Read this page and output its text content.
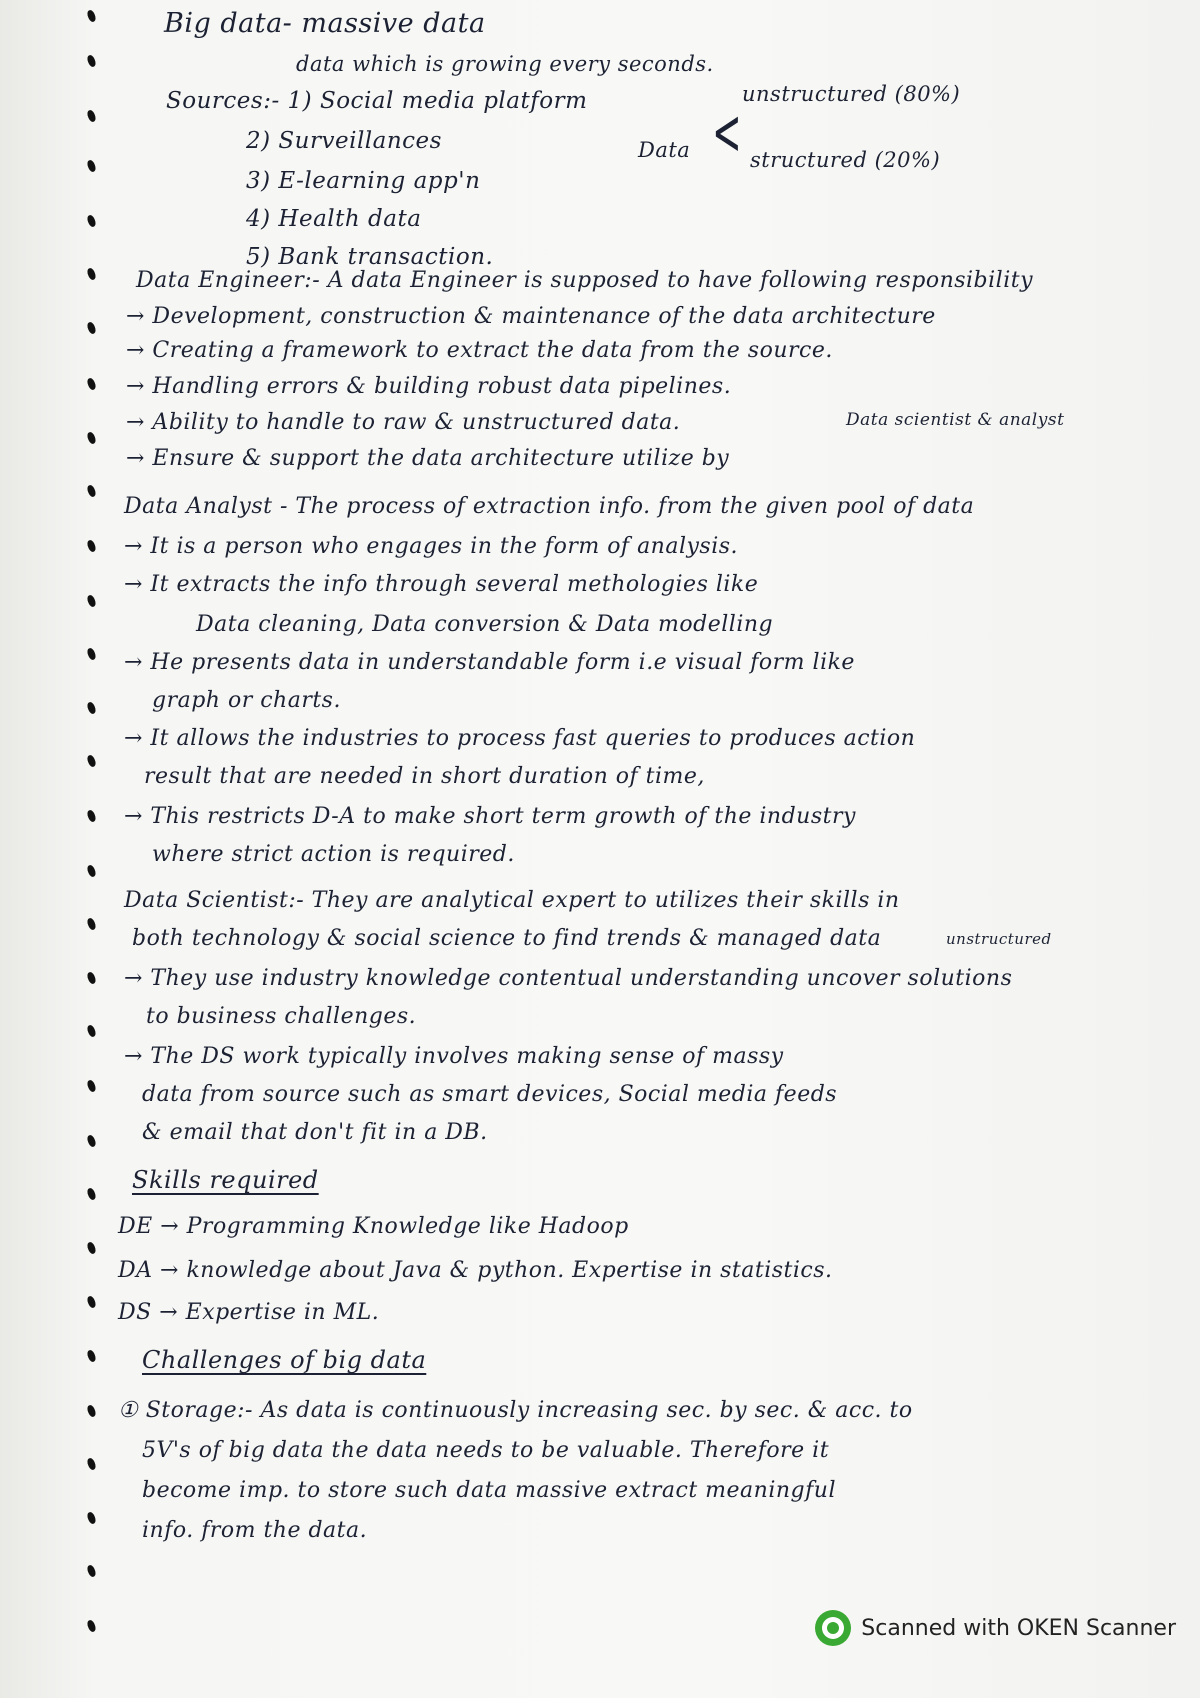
Big data- massive data
data which is growing every seconds.
Sources:- 1) Social media platform
2) Surveillances
3) E-learning app'n
4) Health data
5) Bank transaction.
Data <
unstructured (80%)
structured (20%)
Data Engineer:- A data Engineer is supposed to have following responsibility
→ Development, construction & maintenance of the data architecture
→ Creating a framework to extract the data from the source.
→ Handling errors & building robust data pipelines.
→ Ability to handle to raw & unstructured data.
→ Ensure & support the data architecture utilize by
Data scientist & analyst
Data Analyst - The process of extraction info. from the given pool of data
→ It is a person who engages in the form of analysis.
→ It extracts the info through several methologies like
Data cleaning, Data conversion & Data modelling
→ He presents data in understandable form i.e visual form like
graph or charts.
→ It allows the industries to process fast queries to produces action
result that are needed in short duration of time,
→ This restricts D-A to make short term growth of the industry
where strict action is required.
Data Scientist:- They are analytical expert to utilizes their skills in
both technology & social science to find trends & managed data
→ They use industry knowledge contentual understanding uncover solutions
unstructured
to business challenges.
→ The DS work typically involves making sense of massy
data from source such as smart devices, Social media feeds
& email that don't fit in a DB.
Skills required
DE → Programming Knowledge like Hadoop
DA → knowledge about Java & python. Expertise in statistics.
DS → Expertise in ML.
Challenges of big data
① Storage:- As data is continuously increasing sec. by sec. & acc. to
5V's of big data the data needs to be valuable. Therefore it
become imp. to store such data massive extract meaningful
info. from the data.
Scanned with OKEN Scanner
